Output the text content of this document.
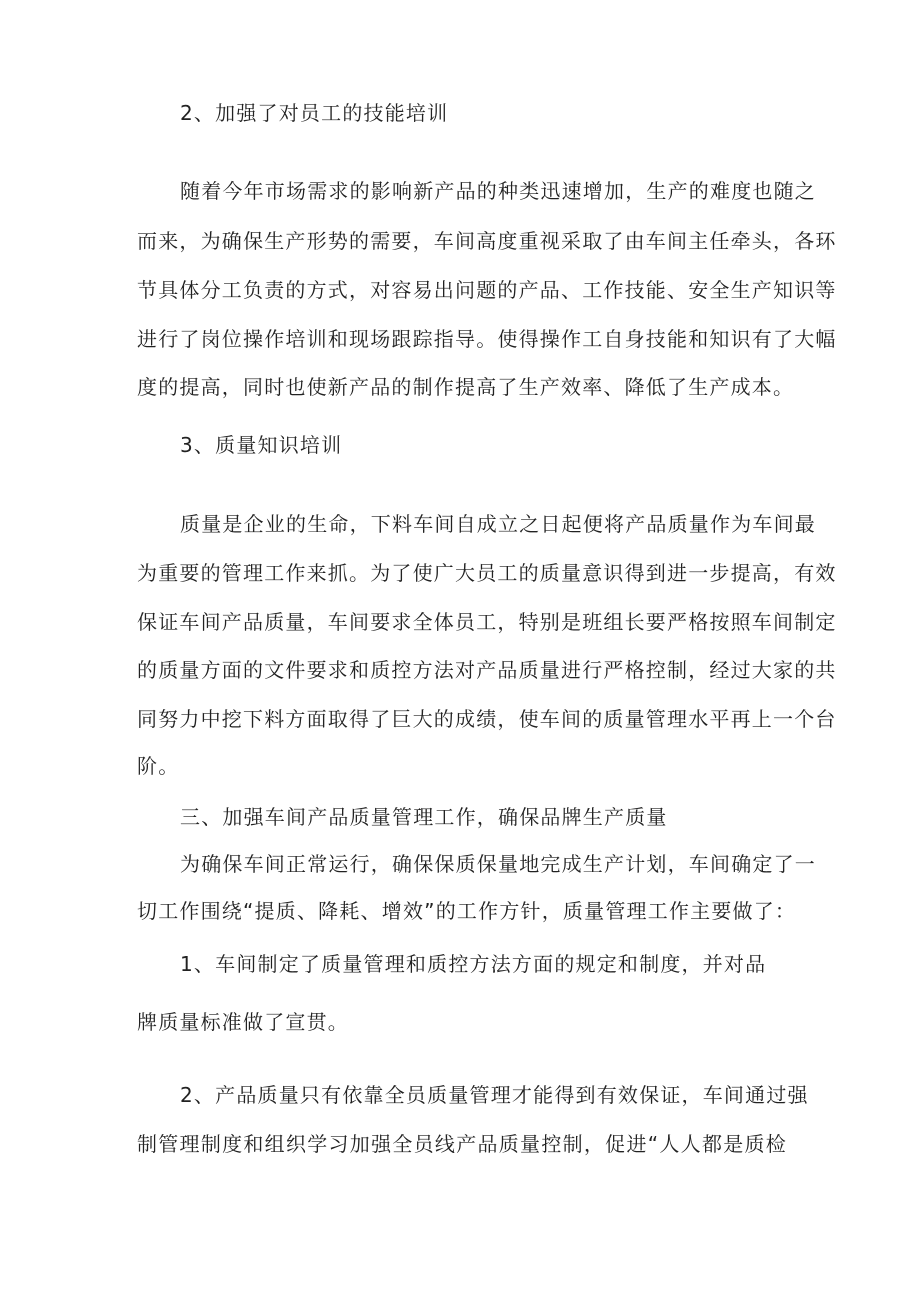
2、加强了对员工的技能培训
随着今年市场需求的影响新产品的种类迅速增加，生产的难度也随之
而来，为确保生产形势的需要，车间高度重视采取了由车间主任牵头，各环
节具体分工负责的方式，对容易出问题的产品、工作技能、安全生产知识等
进行了岗位操作培训和现场跟踪指导。使得操作工自身技能和知识有了大幅
度的提高，同时也使新产品的制作提高了生产效率、降低了生产成本。
3、质量知识培训
质量是企业的生命，下料车间自成立之日起便将产品质量作为车间最
为重要的管理工作来抓。为了使广大员工的质量意识得到进一步提高，有效
保证车间产品质量，车间要求全体员工，特别是班组长要严格按照车间制定
的质量方面的文件要求和质控方法对产品质量进行严格控制，经过大家的共
同努力中挖下料方面取得了巨大的成绩，使车间的质量管理水平再上一个台
阶。
三、加强车间产品质量管理工作，确保品牌生产质量
为确保车间正常运行，确保保质保量地完成生产计划，车间确定了一
切工作围绕“提质、降耗、增效”的工作方针，质量管理工作主要做了：
1、车间制定了质量管理和质控方法方面的规定和制度，并对品
牌质量标准做了宣贯。
2、产品质量只有依靠全员质量管理才能得到有效保证，车间通过强
制管理制度和组织学习加强全员线产品质量控制，促进“人人都是质检
